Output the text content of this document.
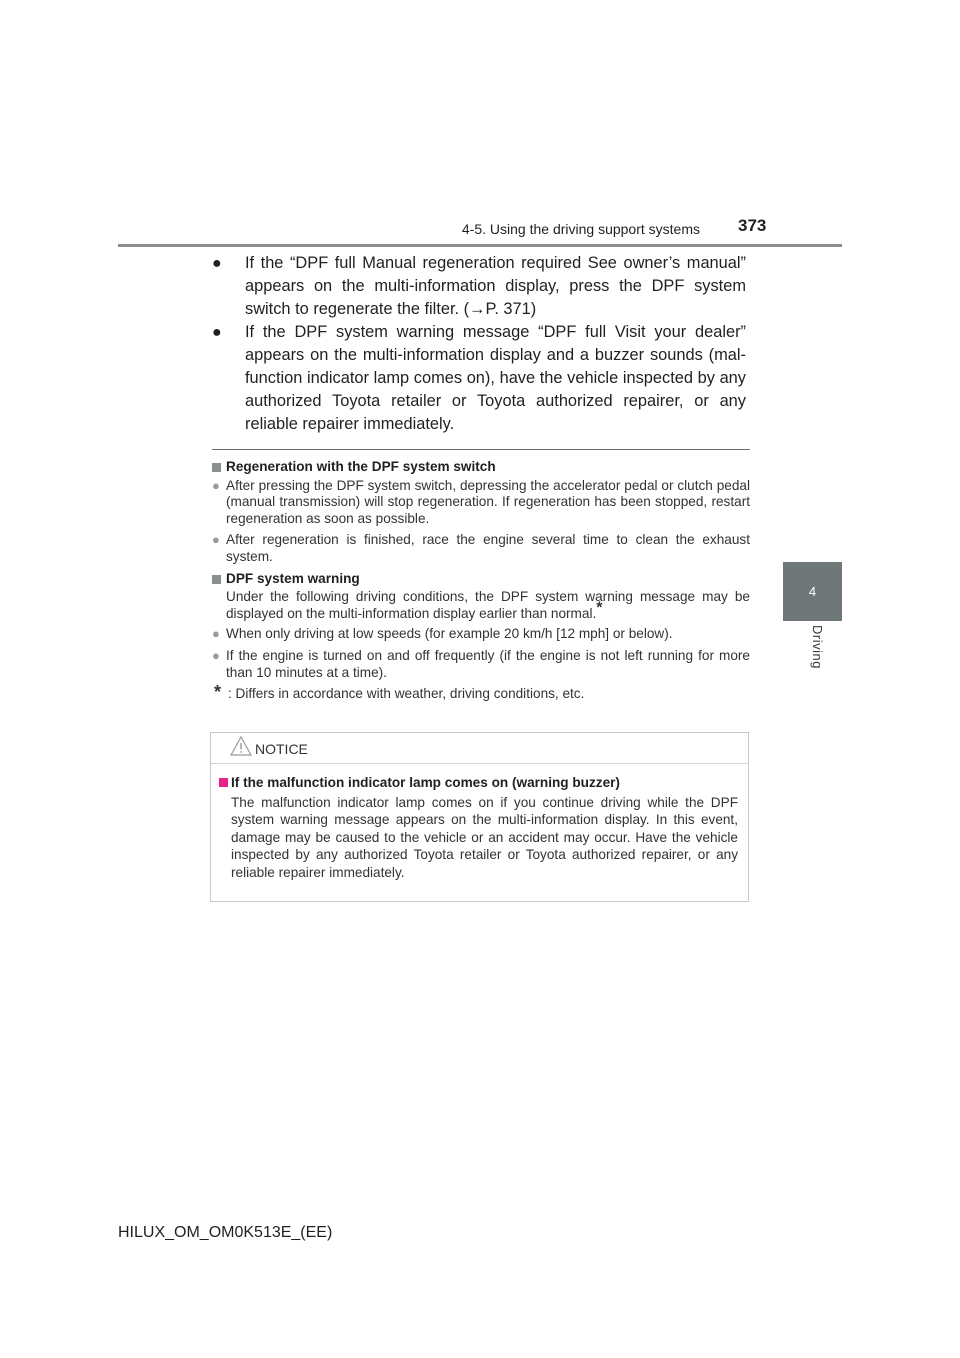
4-5. Using the driving support systems 373
4
Driving
● If the “DPF full Manual regeneration required See owner’s manual” appears on the multi-information display, press the DPF system switch to regenerate the filter. (→P. 371)
● If the DPF system warning message “DPF full Visit your dealer” appears on the multi-information display and a buzzer sounds (mal-function indicator lamp comes on), have the vehicle inspected by any authorized Toyota retailer or Toyota authorized repairer, or any reliable repairer immediately.
Regeneration with the DPF system switch
● After pressing the DPF system switch, depressing the accelerator pedal or clutch pedal (manual transmission) will stop regeneration. If regeneration has been stopped, restart regeneration as soon as possible.
● After regeneration is finished, race the engine several time to clean the exhaust system.
DPF system warning
Under the following driving conditions, the DPF system warning message may be displayed on the multi-information display earlier than normal.*
● When only driving at low speeds (for example 20 km/h [12 mph] or below).
● If the engine is turned on and off frequently (if the engine is not left running for more than 10 minutes at a time).
* : Differs in accordance with weather, driving conditions, etc.
NOTICE
If the malfunction indicator lamp comes on (warning buzzer)
The malfunction indicator lamp comes on if you continue driving while the DPF system warning message appears on the multi-information display. In this event, damage may be caused to the vehicle or an accident may occur. Have the vehicle inspected by any authorized Toyota retailer or Toyota authorized repairer, or any reliable repairer immediately.
HILUX_OM_OM0K513E_(EE)
